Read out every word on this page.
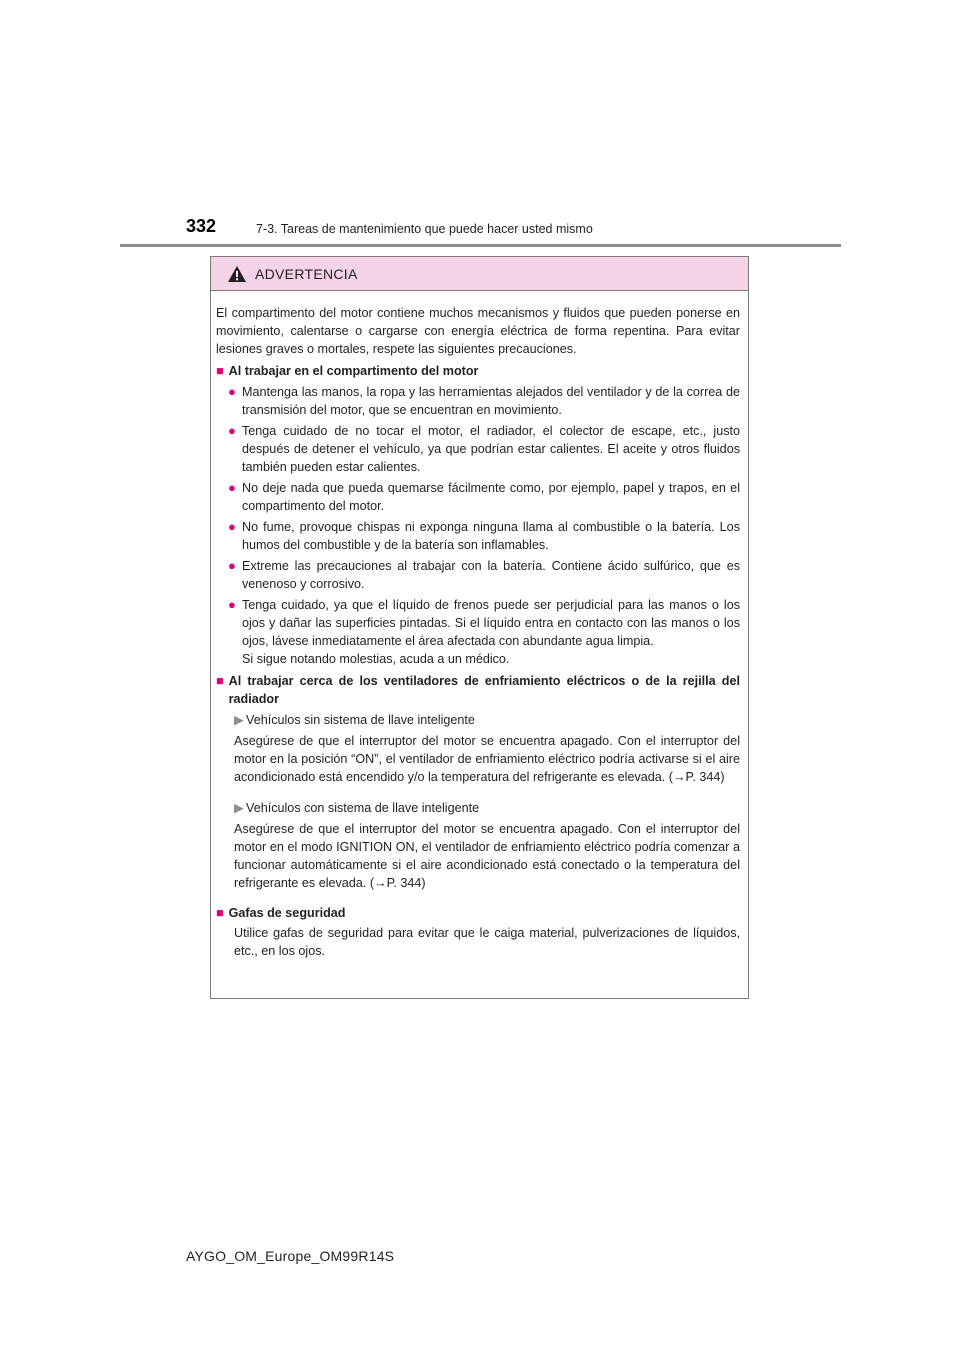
332	7-3. Tareas de mantenimiento que puede hacer usted mismo
ADVERTENCIA

El compartimento del motor contiene muchos mecanismos y fluidos que pueden ponerse en movimiento, calentarse o cargarse con energía eléctrica de forma repentina. Para evitar lesiones graves o mortales, respete las siguientes precauciones.

■ Al trabajar en el compartimento del motor
● Mantenga las manos, la ropa y las herramientas alejados del ventilador y de la correa de transmisión del motor, que se encuentran en movimiento.
● Tenga cuidado de no tocar el motor, el radiador, el colector de escape, etc., justo después de detener el vehículo, ya que podrían estar calientes. El aceite y otros fluidos también pueden estar calientes.
● No deje nada que pueda quemarse fácilmente como, por ejemplo, papel y trapos, en el compartimento del motor.
● No fume, provoque chispas ni exponga ninguna llama al combustible o la batería. Los humos del combustible y de la batería son inflamables.
● Extreme las precauciones al trabajar con la batería. Contiene ácido sulfúrico, que es venenoso y corrosivo.
● Tenga cuidado, ya que el líquido de frenos puede ser perjudicial para las manos o los ojos y dañar las superficies pintadas. Si el líquido entra en contacto con las manos o los ojos, lávese inmediatamente el área afectada con abundante agua limpia.
Si sigue notando molestias, acuda a un médico.
■ Al trabajar cerca de los ventiladores de enfriamiento eléctricos o de la rejilla del radiador
▶ Vehículos sin sistema de llave inteligente

Asegúrese de que el interruptor del motor se encuentra apagado. Con el interruptor del motor en la posición “ON”, el ventilador de enfriamiento eléctrico podría activarse si el aire acondicionado está encendido y/o la temperatura del refrigerante es elevada. (→P. 344)

▶ Vehículos con sistema de llave inteligente

Asegúrese de que el interruptor del motor se encuentra apagado. Con el interruptor del motor en el modo IGNITION ON, el ventilador de enfriamiento eléctrico podría comenzar a funcionar automáticamente si el aire acondicionado está conectado o la temperatura del refrigerante es elevada. (→P. 344)

■ Gafas de seguridad

Utilice gafas de seguridad para evitar que le caiga material, pulverizaciones de líquidos, etc., en los ojos.

AYGO_OM_Europe_OM99R14S
